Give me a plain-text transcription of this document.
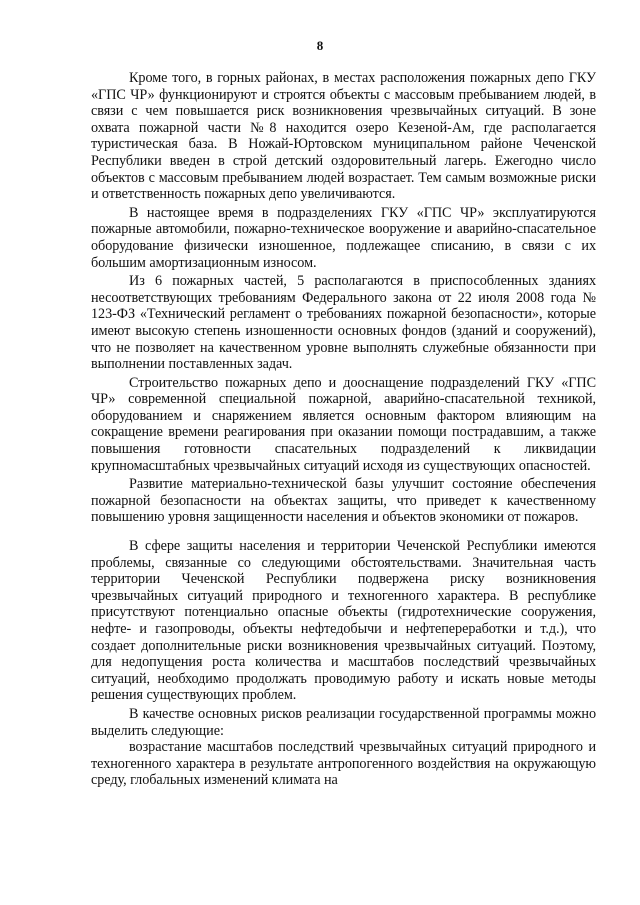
8

Кроме того, в горных районах, в местах расположения пожарных депо ГКУ «ГПС ЧР» функционируют и строятся объекты с массовым пребыванием людей, в связи с чем повышается риск возникновения чрезвычайных ситуаций. В зоне охвата пожарной части №8 находится озеро Кезеной-Ам, где располагается туристическая база. В Ножай-Юртовском муниципальном районе Чеченской Республики введен в строй детский оздоровительный лагерь. Ежегодно число объектов с массовым пребыванием людей возрастает. Тем самым возможные риски и ответственность пожарных депо увеличиваются.

В настоящее время в подразделениях ГКУ «ГПС ЧР» эксплуатируются пожарные автомобили, пожарно-техническое вооружение и аварийно-спасательное оборудование физически изношенное, подлежащее списанию, в связи с их большим амортизационным износом.

Из 6 пожарных частей, 5 располагаются в приспособленных зданиях несоответствующих требованиям Федерального закона от 22 июля 2008 года № 123-ФЗ «Технический регламент о требованиях пожарной безопасности», которые имеют высокую степень изношенности основных фондов (зданий и сооружений), что не позволяет на качественном уровне выполнять служебные обязанности при выполнении поставленных задач.

Строительство пожарных депо и дооснащение подразделений ГКУ «ГПС ЧР» современной специальной пожарной, аварийно-спасательной техникой, оборудованием и снаряжением является основным фактором влияющим на сокращение времени реагирования при оказании помощи пострадавшим, а также повышения готовности спасательных подразделений к ликвидации крупномасштабных чрезвычайных ситуаций исходя из существующих опасностей.

Развитие материально-технической базы улучшит состояние обеспечения пожарной безопасности на объектах защиты, что приведет к качественному повышению уровня защищенности населения и объектов экономики от пожаров.

В сфере защиты населения и территории Чеченской Республики имеются проблемы, связанные со следующими обстоятельствами. Значительная часть территории Чеченской Республики подвержена риску возникновения чрезвычайных ситуаций природного и техногенного характера. В республике присутствуют потенциально опасные объекты (гидротехнические сооружения, нефте- и газопроводы, объекты нефтедобычи и нефтепереработки и т.д.), что создает дополнительные риски возникновения чрезвычайных ситуаций. Поэтому, для недопущения роста количества и масштабов последствий чрезвычайных ситуаций, необходимо продолжать проводимую работу и искать новые методы решения существующих проблем.

В качестве основных рисков реализации государственной программы можно выделить следующие:

возрастание масштабов последствий чрезвычайных ситуаций природного и техногенного характера в результате антропогенного воздействия на окружающую среду, глобальных изменений климата на
